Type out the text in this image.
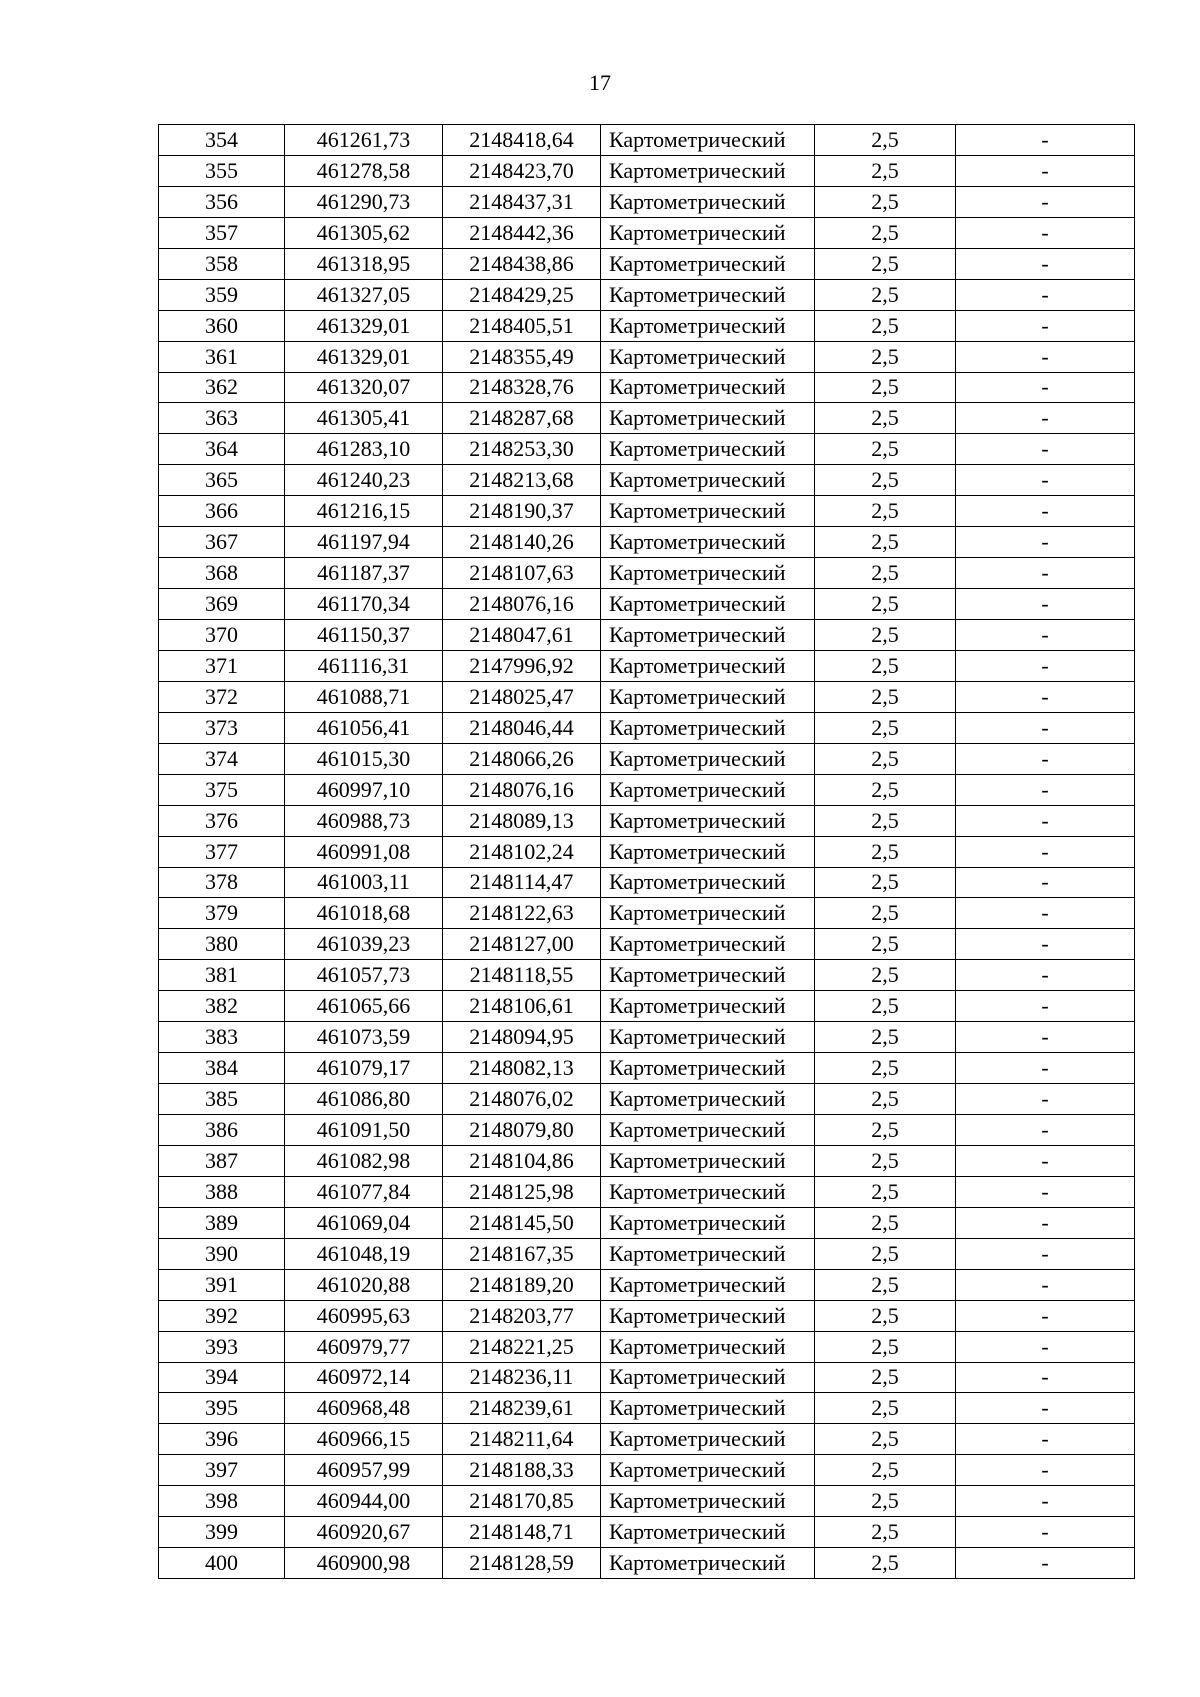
17
354	461261,73	2148418,64	Картометрический	2,5	-
355	461278,58	2148423,70	Картометрический	2,5	-
356	461290,73	2148437,31	Картометрический	2,5	-
357	461305,62	2148442,36	Картометрический	2,5	-
358	461318,95	2148438,86	Картометрический	2,5	-
359	461327,05	2148429,25	Картометрический	2,5	-
360	461329,01	2148405,51	Картометрический	2,5	-
361	461329,01	2148355,49	Картометрический	2,5	-
362	461320,07	2148328,76	Картометрический	2,5	-
363	461305,41	2148287,68	Картометрический	2,5	-
364	461283,10	2148253,30	Картометрический	2,5	-
365	461240,23	2148213,68	Картометрический	2,5	-
366	461216,15	2148190,37	Картометрический	2,5	-
367	461197,94	2148140,26	Картометрический	2,5	-
368	461187,37	2148107,63	Картометрический	2,5	-
369	461170,34	2148076,16	Картометрический	2,5	-
370	461150,37	2148047,61	Картометрический	2,5	-
371	461116,31	2147996,92	Картометрический	2,5	-
372	461088,71	2148025,47	Картометрический	2,5	-
373	461056,41	2148046,44	Картометрический	2,5	-
374	461015,30	2148066,26	Картометрический	2,5	-
375	460997,10	2148076,16	Картометрический	2,5	-
376	460988,73	2148089,13	Картометрический	2,5	-
377	460991,08	2148102,24	Картометрический	2,5	-
378	461003,11	2148114,47	Картометрический	2,5	-
379	461018,68	2148122,63	Картометрический	2,5	-
380	461039,23	2148127,00	Картометрический	2,5	-
381	461057,73	2148118,55	Картометрический	2,5	-
382	461065,66	2148106,61	Картометрический	2,5	-
383	461073,59	2148094,95	Картометрический	2,5	-
384	461079,17	2148082,13	Картометрический	2,5	-
385	461086,80	2148076,02	Картометрический	2,5	-
386	461091,50	2148079,80	Картометрический	2,5	-
387	461082,98	2148104,86	Картометрический	2,5	-
388	461077,84	2148125,98	Картометрический	2,5	-
389	461069,04	2148145,50	Картометрический	2,5	-
390	461048,19	2148167,35	Картометрический	2,5	-
391	461020,88	2148189,20	Картометрический	2,5	-
392	460995,63	2148203,77	Картометрический	2,5	-
393	460979,77	2148221,25	Картометрический	2,5	-
394	460972,14	2148236,11	Картометрический	2,5	-
395	460968,48	2148239,61	Картометрический	2,5	-
396	460966,15	2148211,64	Картометрический	2,5	-
397	460957,99	2148188,33	Картометрический	2,5	-
398	460944,00	2148170,85	Картометрический	2,5	-
399	460920,67	2148148,71	Картометрический	2,5	-
400	460900,98	2148128,59	Картометрический	2,5	-
